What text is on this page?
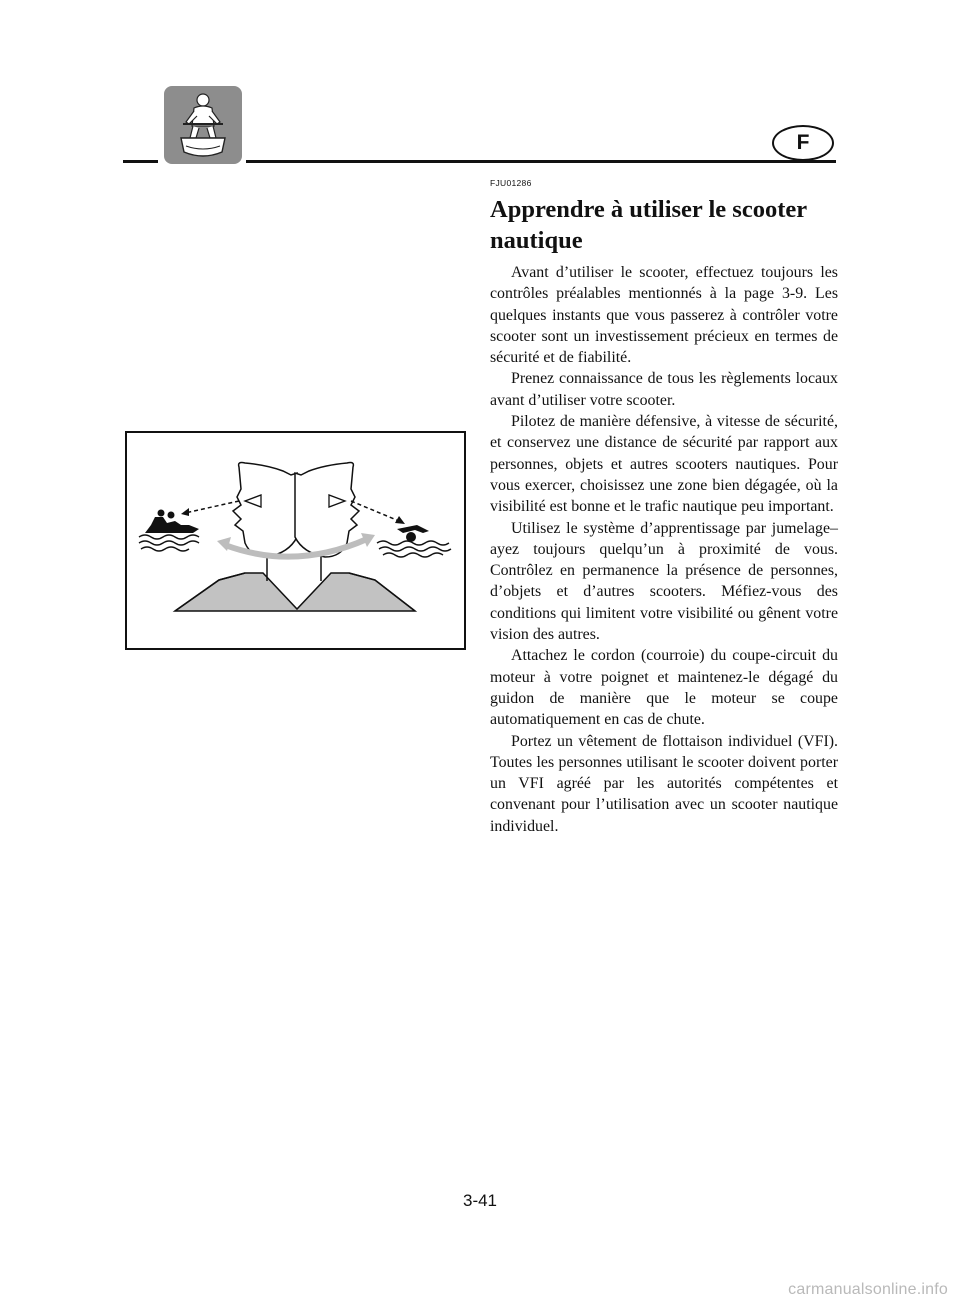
F
FJU01286
Apprendre à utiliser le scooter
nautique

Avant d’utiliser le scooter, effectuez toujours les contrôles préalables mentionnés à la page 3-9. Les quelques instants que vous passerez à contrôler votre scooter sont un investissement précieux en termes de sécurité et de fiabilité.

Prenez connaissance de tous les règlements locaux avant d’utiliser votre scooter.

Pilotez de manière défensive, à vitesse de sécurité, et conservez une distance de sécurité par rapport aux personnes, objets et autres scooters nautiques. Pour vous exercer, choisissez une zone bien dégagée, où la visibilité est bonne et le trafic nautique peu important.

Utilisez le système d’apprentissage par jumelage–ayez toujours quelqu’un à proximité de vous. Contrôlez en permanence la présence de personnes, d’objets et d’autres scooters. Méfiez-vous des conditions qui limitent votre visibilité ou gênent votre vision des autres.

Attachez le cordon (courroie) du coupe-circuit du moteur à votre poignet et maintenez-le dégagé du guidon de manière que le moteur se coupe automatiquement en cas de chute.

Portez un vêtement de flottaison individuel (VFI). Toutes les personnes utilisant le scooter doivent porter un VFI agréé par les autorités compétentes et convenant pour l’utilisation avec un scooter nautique individuel.

3-41
carmanualsonline.info
